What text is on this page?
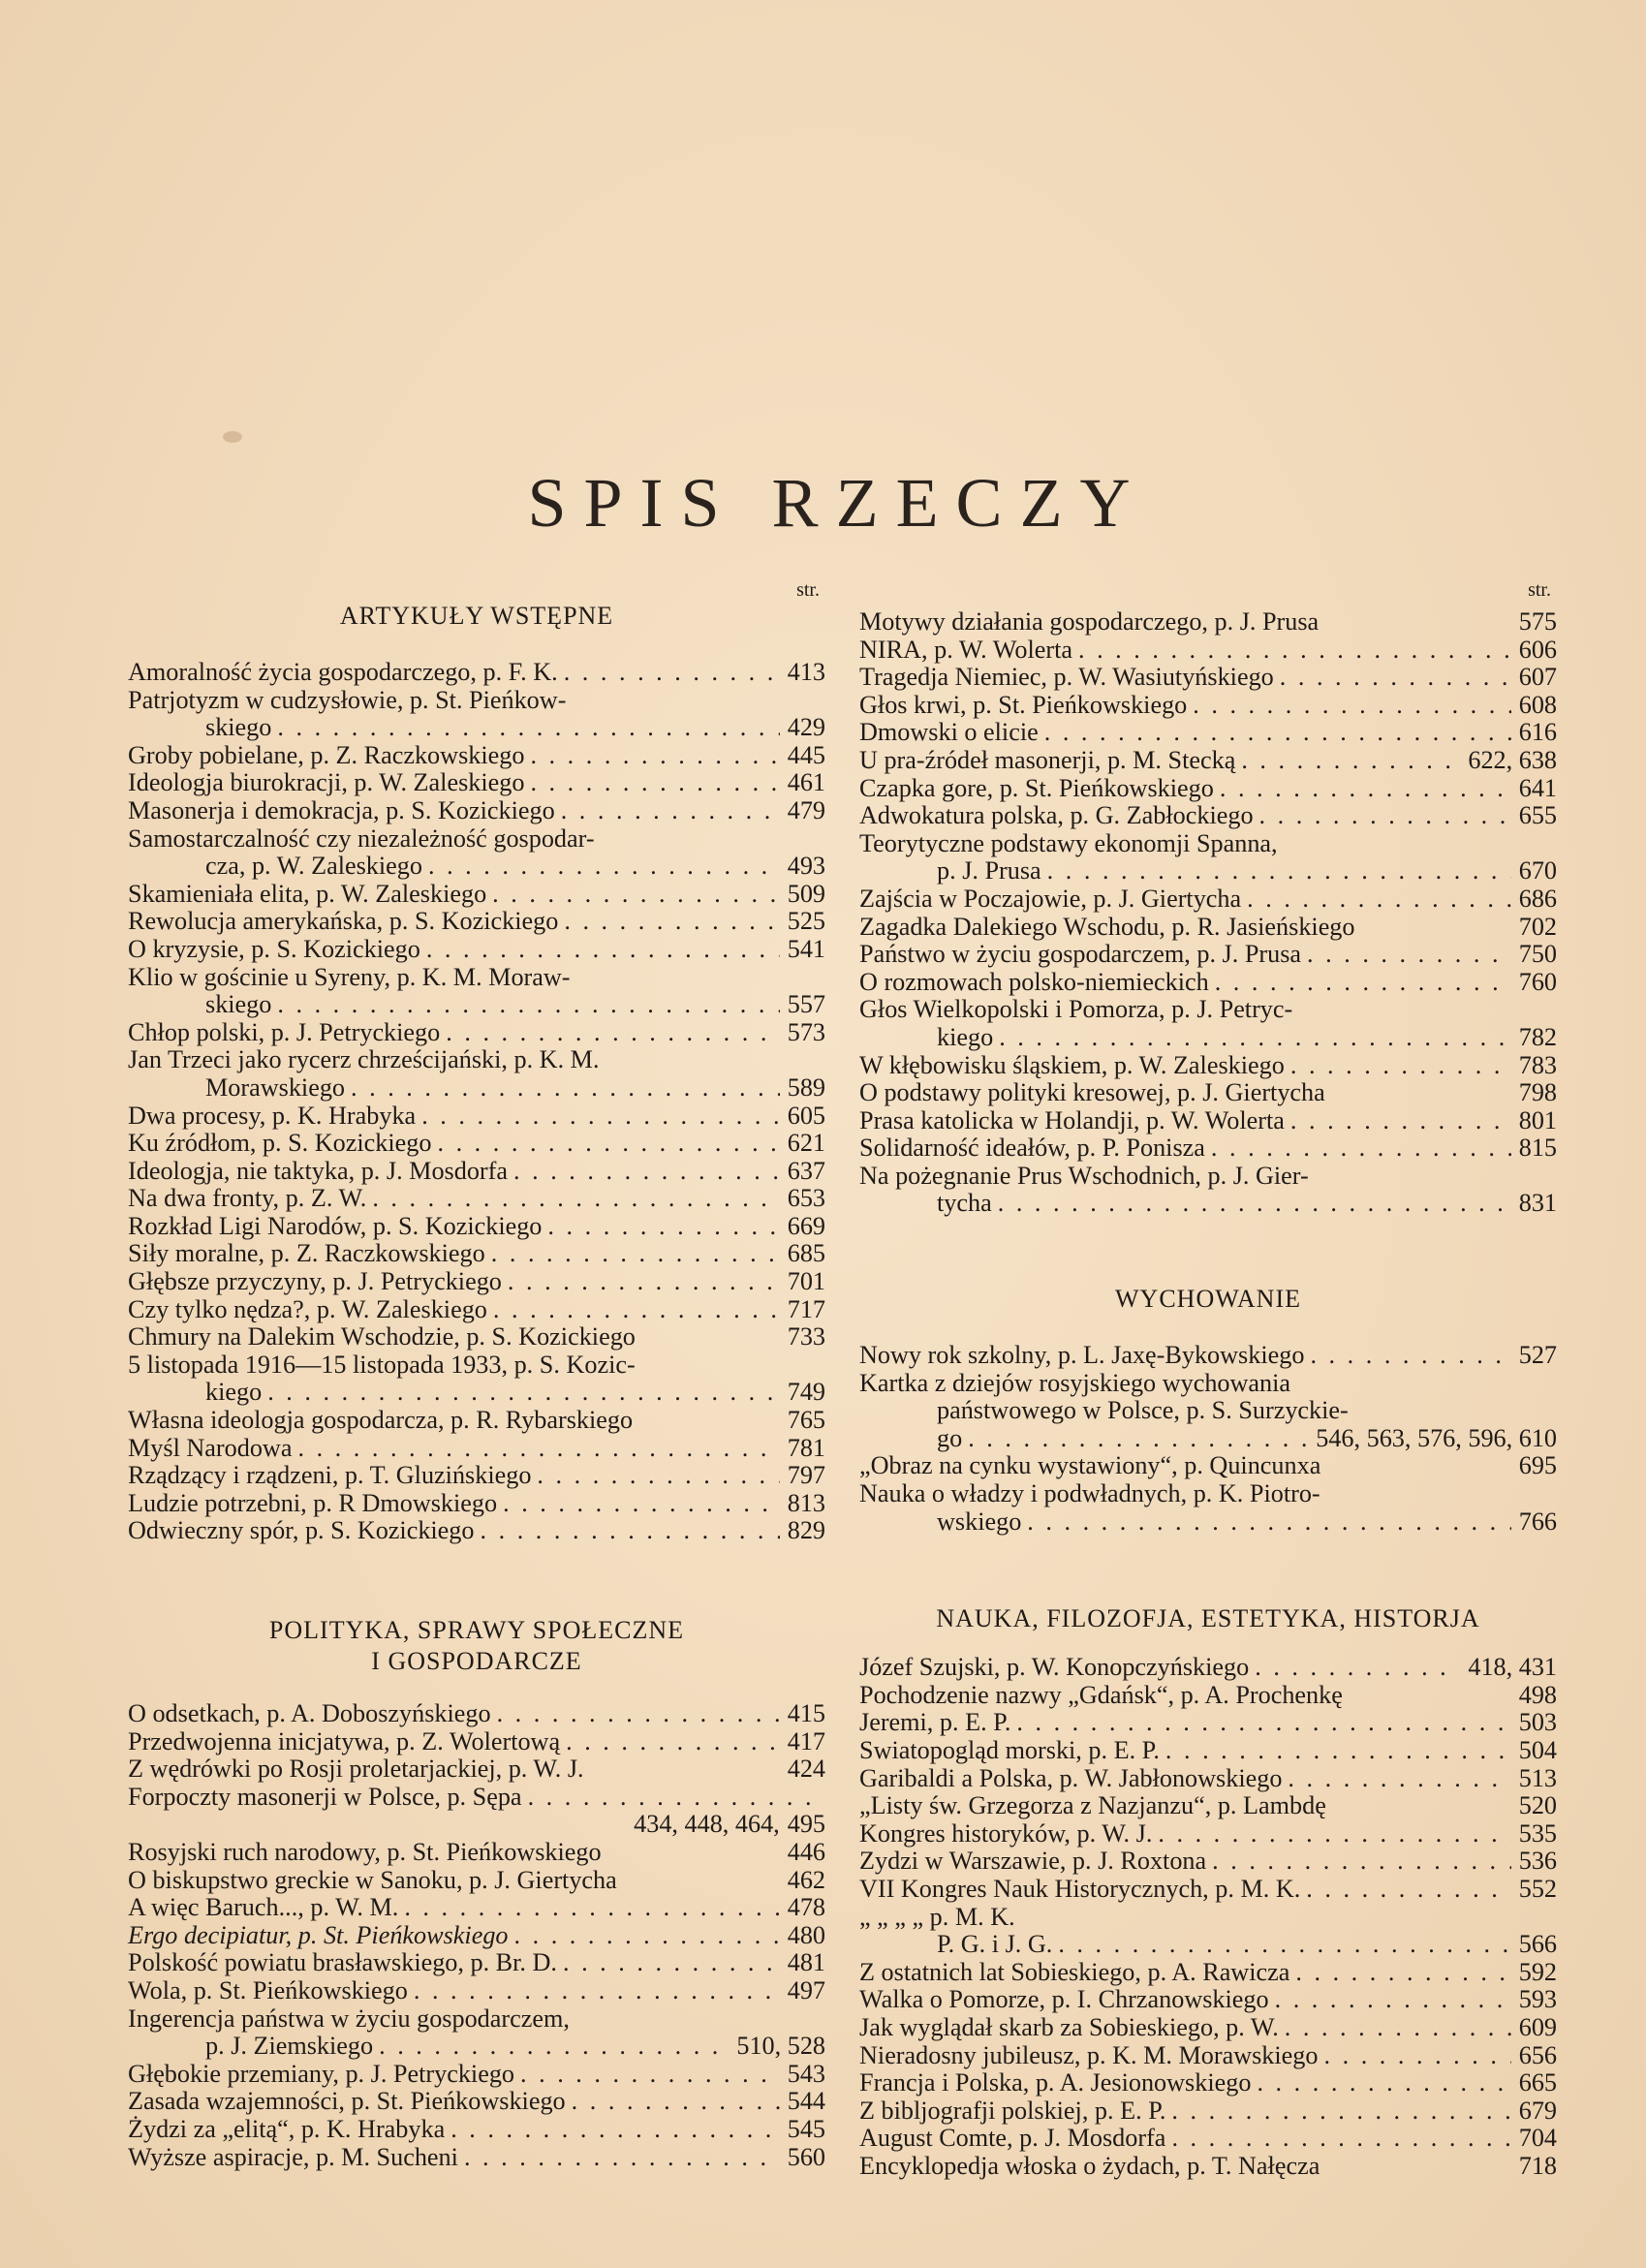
SPIS RZECZY
str.
ARTYKUŁY WSTĘPNE
Amoralność życia gospodarczego, p. F. K. . . .	413
Patrjotyzm w cudzysłowie, p. St. Pieńkow-
skiego . . .	429
Groby pobielane, p. Z. Raczkowskiego . . .	445
Ideologja biurokracji, p. W. Zaleskiego . . .	461
Masonerja i demokracja, p. S. Kozickiego . . .	479
Samostarczalność czy niezależność gospodar-
cza, p. W. Zaleskiego . . .	493
Skamieniała elita, p. W. Zaleskiego . . .	509
Rewolucja amerykańska, p. S. Kozickiego . . .	525
O kryzysie, p. S. Kozickiego . . .	541
Klio w gościnie u Syreny, p. K. M. Moraw-
skiego . . .	557
Chłop polski, p. J. Petryckiego . . .	573
Jan Trzeci jako rycerz chrześcijański, p. K. M.
Morawskiego . . .	589
Dwa procesy, p. K. Hrabyka . . .	605
Ku źródłom, p. S. Kozickiego . . .	621
Ideologja, nie taktyka, p. J. Mosdorfa . . .	637
Na dwa fronty, p. Z. W. . . .	653
Rozkład Ligi Narodów, p. S. Kozickiego . . .	669
Siły moralne, p. Z. Raczkowskiego . . .	685
Głębsze przyczyny, p. J. Petryckiego . . .	701
Czy tylko nędza?, p. W. Zaleskiego . . .	717
Chmury na Dalekim Wschodzie, p. S. Kozickiego	733
5 listopada 1916—15 listopada 1933, p. S. Kozic-
kiego . . .	749
Własna ideologja gospodarcza, p. R. Rybarskiego	765
Myśl Narodowa . . .	781
Rządzący i rządzeni, p. T. Gluzińskiego . . .	797
Ludzie potrzebni, p. R Dmowskiego . . .	813
Odwieczny spór, p. S. Kozickiego . . .	829
POLITYKA, SPRAWY SPOŁECZNE
I GOSPODARCZE
O odsetkach, p. A. Doboszyńskiego . . .	415
Przedwojenna inicjatywa, p. Z. Wolertową . . .	417
Z wędrówki po Rosji proletarjackiej, p. W. J.	424
Forpoczty masonerji w Polsce, p. Sępa
. . .
434, 448, 464, 495
Rosyjski ruch narodowy, p. St. Pieńkowskiego	446
O biskupstwo greckie w Sanoku, p. J. Giertycha	462
A więc Baruch..., p. W. M. . . .	478
Ergo decipiatur, p. St. Pieńkowskiego . . .	480
Polskość powiatu brasławskiego, p. Br. D. . . .	481
Wola, p. St. Pieńkowskiego . . .	497
Ingerencja państwa w życiu gospodarczem,
p. J. Ziemskiego . . .	510, 528
Głębokie przemiany, p. J. Petryckiego . . .	543
Zasada wzajemności, p. St. Pieńkowskiego . . .	544
Żydzi za „elitą“, p. K. Hrabyka . . .	545
Wyższe aspiracje, p. M. Sucheni . . .	560
str.
Motywy działania gospodarczego, p. J. Prusa	575
NIRA, p. W. Wolerta . . .	606
Tragedja Niemiec, p. W. Wasiutyńskiego . . .	607
Głos krwi, p. St. Pieńkowskiego . . .	608
Dmowski o elicie . . .	616
U pra-źródeł masonerji, p. M. Stecką . . .	622, 638
Czapka gore, p. St. Pieńkowskiego . . .	641
Adwokatura polska, p. G. Zabłockiego . . .	655
Teorytyczne podstawy ekonomji Spanna,
p. J. Prusa . . .	670
Zajścia w Poczajowie, p. J. Giertycha . . .	686
Zagadka Dalekiego Wschodu, p. R. Jasieńskiego	702
Państwo w życiu gospodarczem, p. J. Prusa . . .	750
O rozmowach polsko-niemieckich . . .	760
Głos Wielkopolski i Pomorza, p. J. Petryc-
kiego . . .	782
W kłębowisku śląskiem, p. W. Zaleskiego . . .	783
O podstawy polityki kresowej, p. J. Giertycha	798
Prasa katolicka w Holandji, p. W. Wolerta . . .	801
Solidarność ideałów, p. P. Ponisza . . .	815
Na pożegnanie Prus Wschodnich, p. J. Gier-
tycha . . .	831
WYCHOWANIE
Nowy rok szkolny, p. L. Jaxę-Bykowskiego . . .	527
Kartka z dziejów rosyjskiego wychowania
państwowego w Polsce, p. S. Surzyckie-
go . . .	546, 563, 576, 596, 610
„Obraz na cynku wystawiony“, p. Quincunxa	695
Nauka o władzy i podwładnych, p. K. Piotro-
wskiego . . .	766
NAUKA, FILOZOFJA, ESTETYKA, HISTORJA
Józef Szujski, p. W. Konopczyńskiego . . .	418, 431
Pochodzenie nazwy „Gdańsk“, p. A. Prochenkę	498
Jeremi, p. E. P. . . .	503
Swiatopogląd morski, p. E. P. . . .	504
Garibaldi a Polska, p. W. Jabłonowskiego . . .	513
„Listy św. Grzegorza z Nazjanzu“, p. Lambdę	520
Kongres historyków, p. W. J. . . .	535
Zydzi w Warszawie, p. J. Roxtona . . .	536
VII Kongres Nauk Historycznych, p. M. K. . . .	552
„ „ „ „ p. M. K.
P. G. i J. G. . . .	566
Z ostatnich lat Sobieskiego, p. A. Rawicza . . .	592
Walka o Pomorze, p. I. Chrzanowskiego . . .	593
Jak wyglądał skarb za Sobieskiego, p. W. . . .	609
Nieradosny jubileusz, p. K. M. Morawskiego . . .	656
Francja i Polska, p. A. Jesionowskiego . . .	665
Z bibljografji polskiej, p. E. P. . . .	679
August Comte, p. J. Mosdorfa . . .	704
Encyklopedja włoska o żydach, p. T. Nałęcza	718
